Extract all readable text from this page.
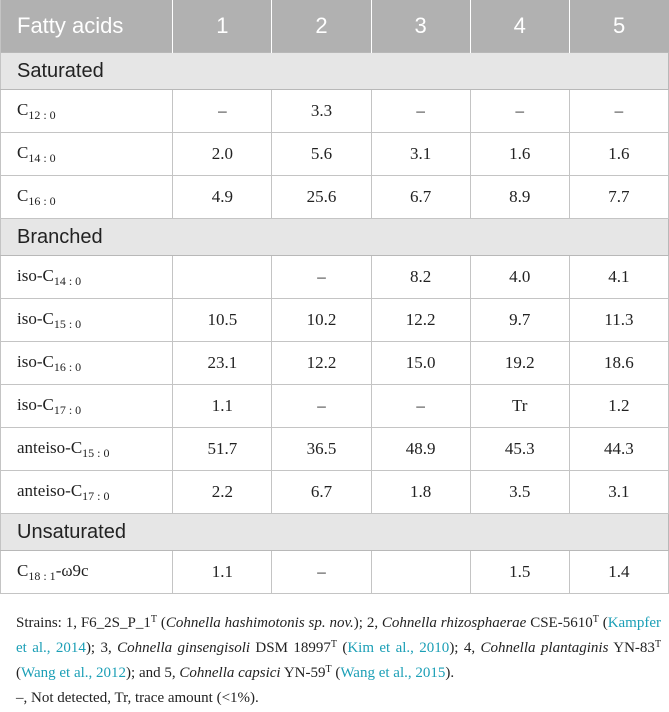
Fatty acids	1	2	3	4	5
Saturated					
$C_{12 : 0}$	–	3.3	–	–	–
$C_{14 : 0}$	2.0	5.6	3.1	1.6	1.6
$C_{16 : 0}$	4.9	25.6	6.7	8.9	7.7
Branched					
iso-$C_{14 : 0}$		–	8.2	4.0	4.1
iso-$C_{15 : 0}$	10.5	10.2	12.2	9.7	11.3
iso-$C_{16 : 0}$	23.1	12.2	15.0	19.2	18.6
iso-$C_{17 : 0}$	1.1	–	–	Tr	1.2
anteiso-$C_{15 : 0}$	51.7	36.5	48.9	45.3	44.3
anteiso-$C_{17 : 0}$	2.2	6.7	1.8	3.5	3.1
Unsaturated					
$C_{18 : 1}-\omega 9c$	1.1	–		1.5	1.4
Strains: 1, $F6\_2S\_P\_1^T$ (Cohnella hashimotonis sp. nov.); 2, Cohnella rhizosphaerae CSE-$5610^T$ (Kampfer et al., 2014); 3, Cohnella ginsengisoli DSM $18997^T$ (Kim et al., 2010); 4, Cohnella plantaginis $YN-83^T$ (Wang et al., 2012); and 5, Cohnella capsici $YN-59^T$ (Wang et al., 2015).
–, Not detected, Tr, trace amount (<1%).
